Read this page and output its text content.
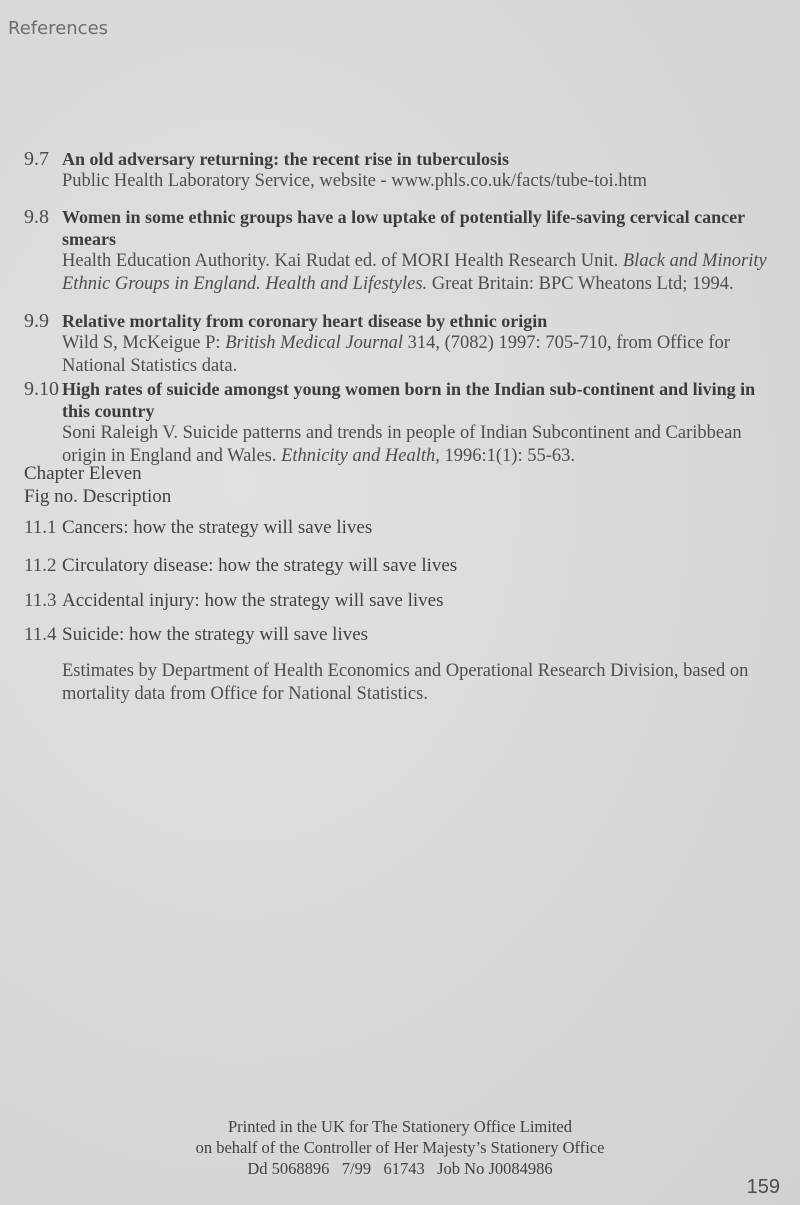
References
9.7 An old adversary returning: the recent rise in tuberculosis
Public Health Laboratory Service, website - www.phls.co.uk/facts/tube-toi.htm
9.8 Women in some ethnic groups have a low uptake of potentially life-saving cervical cancer smears
Health Education Authority. Kai Rudat ed. of MORI Health Research Unit. Black and Minority Ethnic Groups in England. Health and Lifestyles. Great Britain: BPC Wheatons Ltd; 1994.
9.9 Relative mortality from coronary heart disease by ethnic origin
Wild S, McKeigue P: British Medical Journal 314, (7082) 1997: 705-710, from Office for National Statistics data.
9.10 High rates of suicide amongst young women born in the Indian sub-continent and living in this country
Soni Raleigh V. Suicide patterns and trends in people of Indian Subcontinent and Caribbean origin in England and Wales. Ethnicity and Health, 1996:1(1): 55-63.
Chapter Eleven
Fig no. Description
11.1 Cancers: how the strategy will save lives
11.2 Circulatory disease: how the strategy will save lives
11.3 Accidental injury: how the strategy will save lives
11.4 Suicide: how the strategy will save lives
Estimates by Department of Health Economics and Operational Research Division, based on mortality data from Office for National Statistics.
Printed in the UK for The Stationery Office Limited
on behalf of the Controller of Her Majesty’s Stationery Office
Dd 5068896   7/99   61743   Job No J0084986
159
